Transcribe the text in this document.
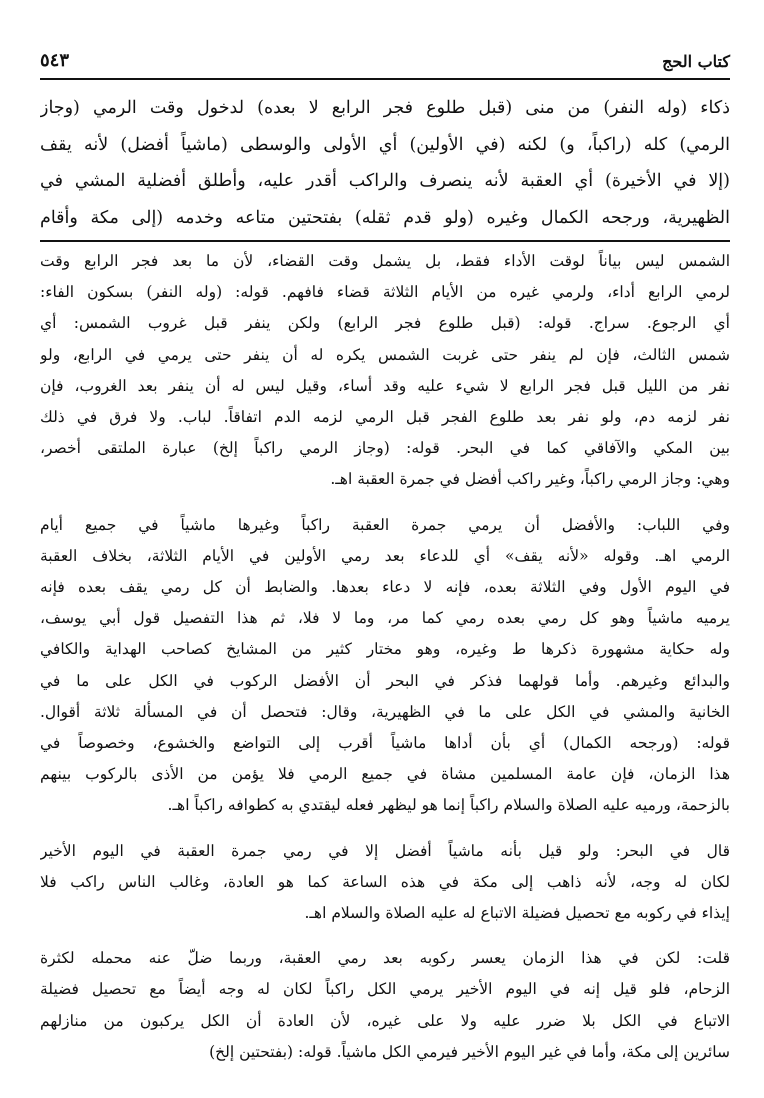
كتاب الحج
٥٤٣
ذكاء (وله النفر) من منى (قبل طلوع فجر الرابع لا بعده) لدخول وقت الرمي (وجاز
الرمي) كله (راكباً، و) لكنه (في الأولين) أي الأولى والوسطى (ماشياً أفضل) لأنه يقف
(إلا في الأخيرة) أي العقبة لأنه ينصرف والراكب أقدر عليه، وأطلق أفضلية المشي في
الظهيرية، ورجحه الكمال وغيره (ولو قدم ثقله) بفتحتين متاعه وخدمه (إلى مكة وأقام
الشمس ليس بياناً لوقت الأداء فقط، بل يشمل وقت القضاء، لأن ما بعد فجر الرابع وقت
لرمي الرابع أداء، ولرمي غيره من الأيام الثلاثة قضاء فافهم. قوله: (وله النفر) بسكون الفاء:
أي الرجوع. سراج. قوله: (قبل طلوع فجر الرابع) ولكن ينفر قبل غروب الشمس: أي
شمس الثالث، فإن لم ينفر حتى غربت الشمس يكره له أن ينفر حتى يرمي في الرابع، ولو
نفر من الليل قبل فجر الرابع لا شيء عليه وقد أساء، وقيل ليس له أن ينفر بعد الغروب، فإن
نفر لزمه دم، ولو نفر بعد طلوع الفجر قبل الرمي لزمه الدم اتفاقاً. لباب. ولا فرق في ذلك
بين المكي والآفاقي كما في البحر. قوله: (وجاز الرمي راكباً إلخ) عبارة الملتقى أخصر،
وهي: وجاز الرمي راكباً، وغير راكب أفضل في جمرة العقبة اهـ.
وفي اللباب: والأفضل أن يرمي جمرة العقبة راكباً وغيرها ماشياً في جميع أيام
الرمي اهـ. وقوله «لأنه يقف» أي للدعاء بعد رمي الأولين في الأيام الثلاثة، بخلاف العقبة
في اليوم الأول وفي الثلاثة بعده، فإنه لا دعاء بعدها. والضابط أن كل رمي يقف بعده فإنه
يرميه ماشياً وهو كل رمي بعده رمي كما مر، وما لا فلا، ثم هذا التفصيل قول أبي يوسف،
وله حكاية مشهورة ذكرها ط وغيره، وهو مختار كثير من المشايخ كصاحب الهداية والكافي
والبدائع وغيرهم. وأما قولهما فذكر في البحر أن الأفضل الركوب في الكل على ما في
الخانية والمشي في الكل على ما في الظهيرية، وقال: فتحصل أن في المسألة ثلاثة أقوال.
قوله: (ورجحه الكمال) أي بأن أداها ماشياً أقرب إلى التواضع والخشوع، وخصوصاً في
هذا الزمان، فإن عامة المسلمين مشاة في جميع الرمي فلا يؤمن من الأذى بالركوب بينهم
بالزحمة، ورميه عليه الصلاة والسلام راكباً إنما هو ليظهر فعله ليقتدي به كطوافه راكباً اهـ.
قال في البحر: ولو قيل بأنه ماشياً أفضل إلا في رمي جمرة العقبة في اليوم الأخير
لكان له وجه، لأنه ذاهب إلى مكة في هذه الساعة كما هو العادة، وغالب الناس راكب فلا
إيذاء في ركوبه مع تحصيل فضيلة الاتباع له عليه الصلاة والسلام اهـ.
قلت: لكن في هذا الزمان يعسر ركوبه بعد رمي العقبة، وربما ضلّ عنه محمله لكثرة
الزحام، فلو قيل إنه في اليوم الأخير يرمي الكل راكباً لكان له وجه أيضاً مع تحصيل فضيلة
الاتباع في الكل بلا ضرر عليه ولا على غيره، لأن العادة أن الكل يركبون من منازلهم
سائرين إلى مكة، وأما في غير اليوم الأخير فيرمي الكل ماشياً. قوله: (بفتحتين إلخ)
